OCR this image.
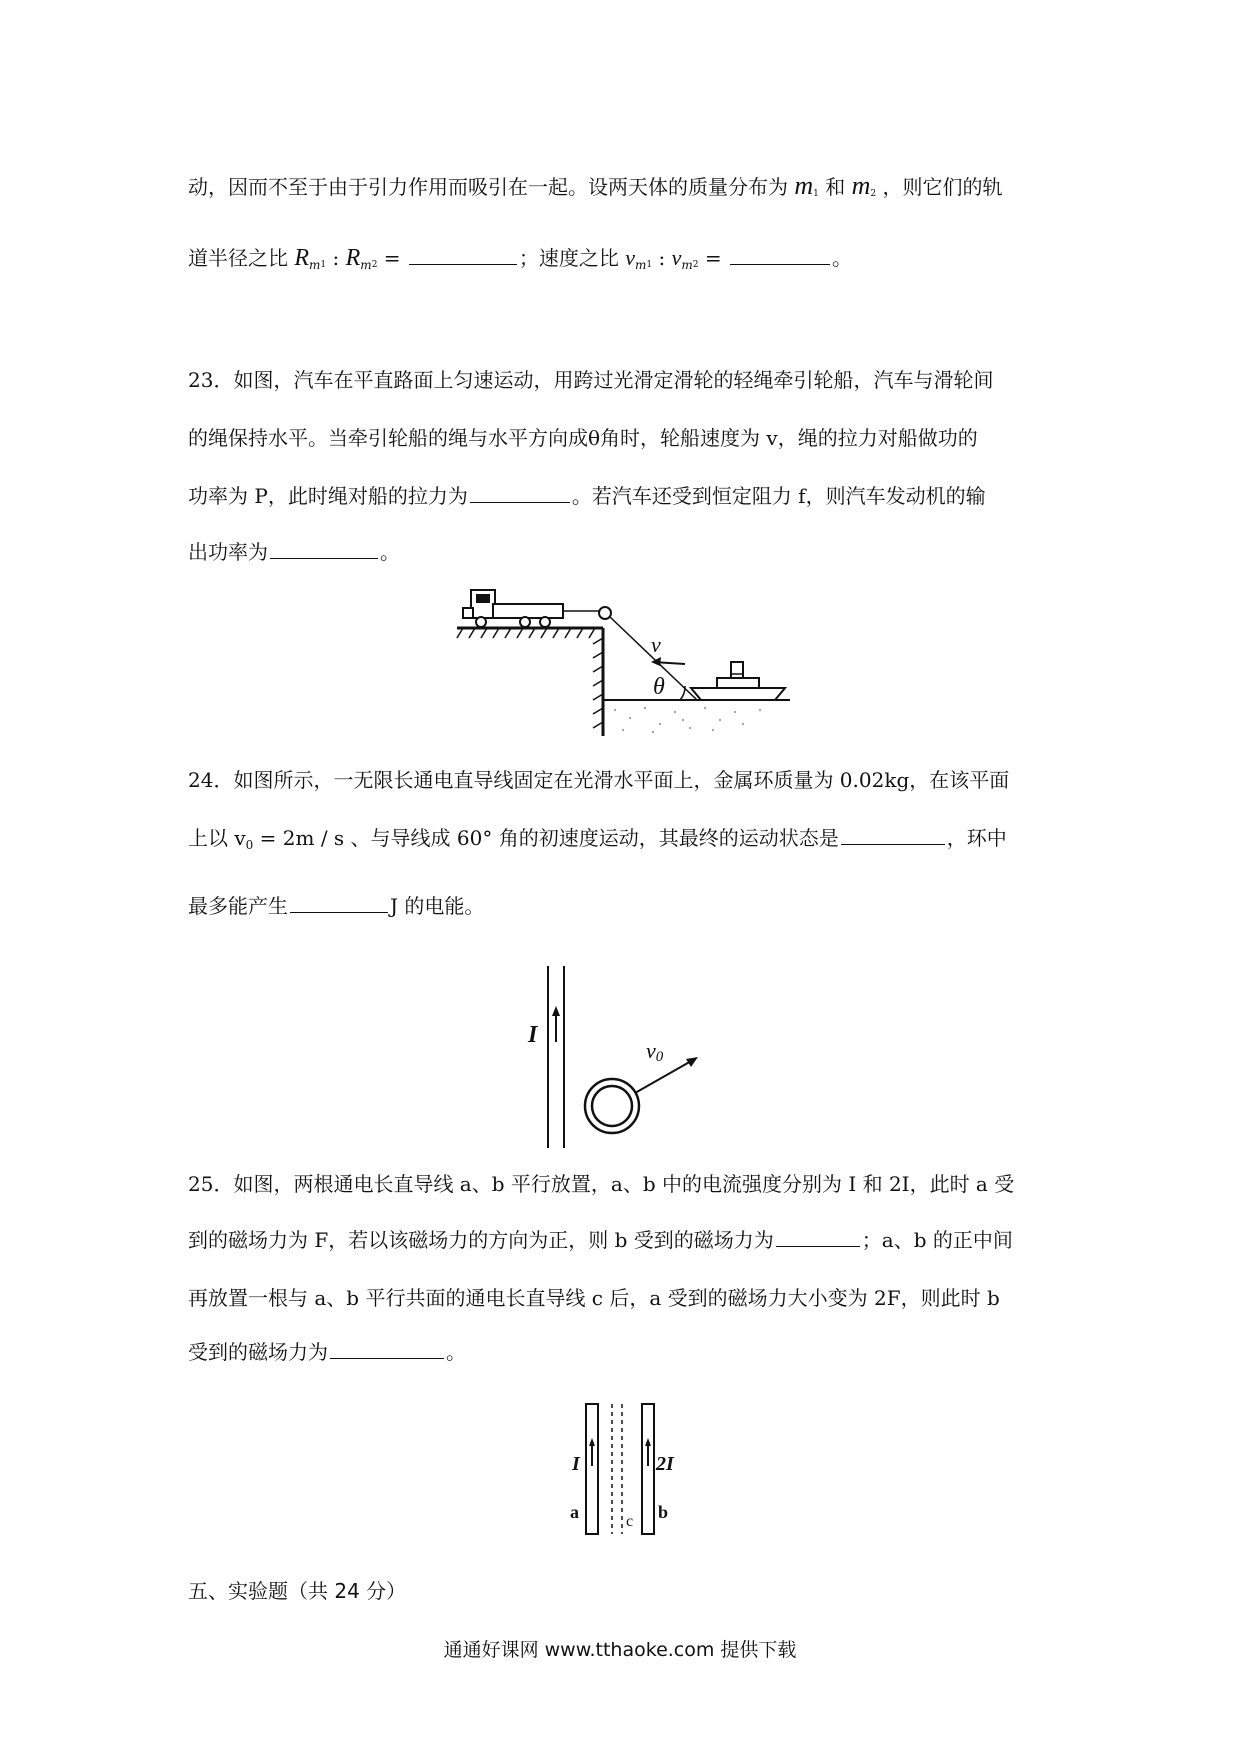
动，因而不至于由于引力作用而吸引在一起。设两天体的质量分布为 m1 和 m2 ，则它们的轨
道半径之比 $R_m1$ : $R_m2$ =	；速度之比 $v_m1$ : $v_m2$ =	。
23．如图，汽车在平直路面上匀速运动，用跨过光滑定滑轮的轻绳牵引轮船，汽车与滑轮间
的绳保持水平。当牵引轮船的绳与水平方向成θ角时，轮船速度为 v，绳的拉力对船做功的
功率为 P，此时绳对船的拉力为	。若汽车还受到恒定阻力 f，则汽车发动机的输
出功率为	。
v
θ
24．如图所示，一无限长通电直导线固定在光滑水平面上，金属环质量为 0.02kg，在该平面
上以 $v_0 = 2m / s$ 、与导线成 60° 角的初速度运动，其最终的运动状态是	，环中
最多能产生	J 的电能。
I
v0
25．如图，两根通电长直导线 a、b 平行放置，a、b 中的电流强度分别为 I 和 2I，此时 a 受
到的磁场力为 F，若以该磁场力的方向为正，则 b 受到的磁场力为	；a、b 的正中间
再放置一根与 a、b 平行共面的通电长直导线 c 后，a 受到的磁场力大小变为 2F，则此时 b
受到的磁场力为	。
I
a	c
2I
b
五、实验题（共 24 分）
通通好课网 www.tthaoke.com 提供下载
